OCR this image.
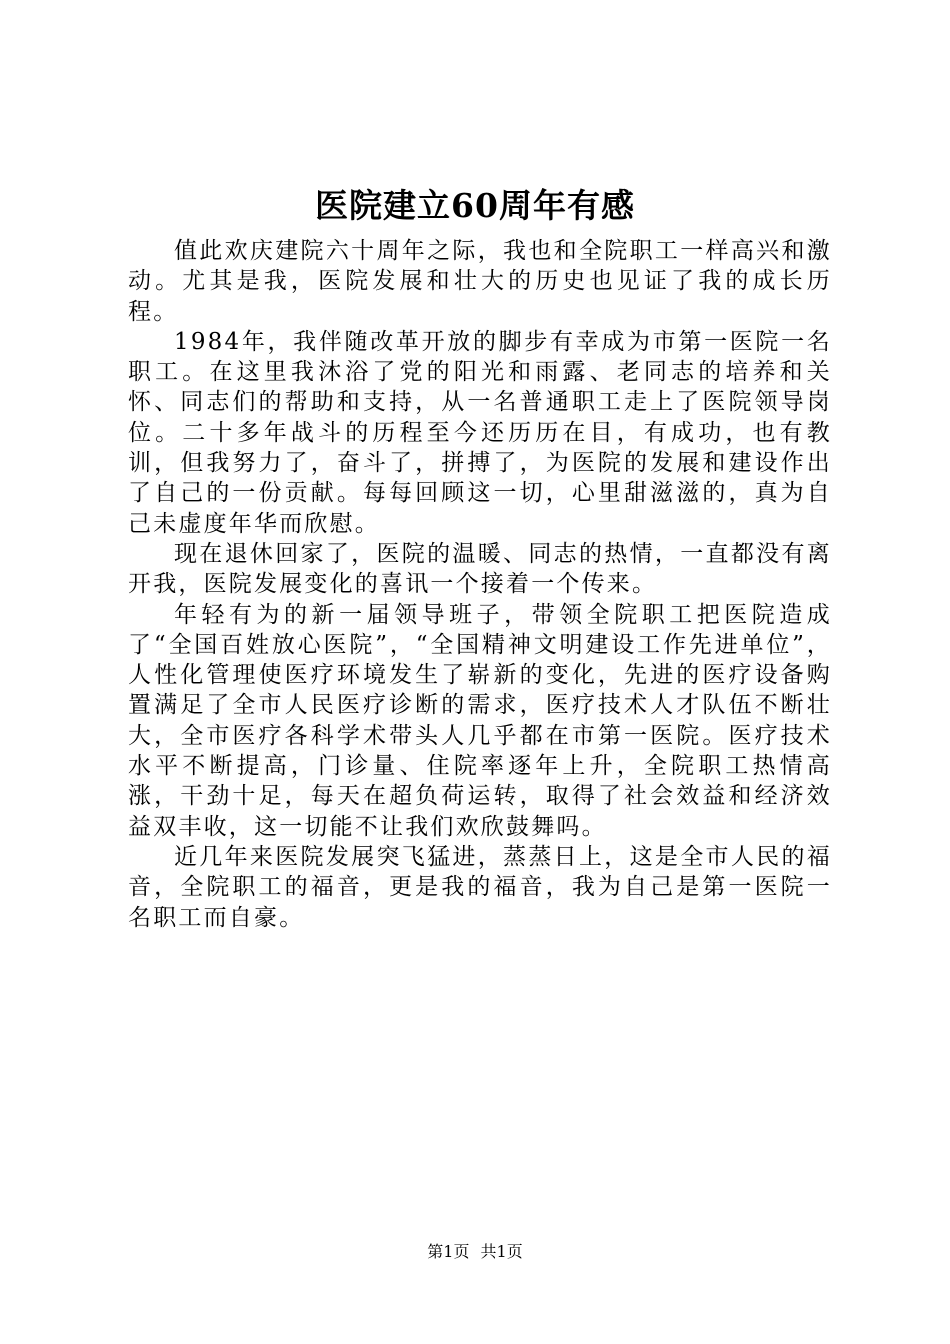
医院建立60周年有感

值此欢庆建院六十周年之际，我也和全院职工一样高兴和激动。尤其是我，医院发展和壮大的历史也见证了我的成长历程。

1984年，我伴随改革开放的脚步有幸成为市第一医院一名职工。在这里我沐浴了党的阳光和雨露、老同志的培养和关怀、同志们的帮助和支持，从一名普通职工走上了医院领导岗位。二十多年战斗的历程至今还历历在目，有成功，也有教训，但我努力了，奋斗了，拼搏了，为医院的发展和建设作出了自己的一份贡献。每每回顾这一切，心里甜滋滋的，真为自己未虚度年华而欣慰。

现在退休回家了，医院的温暖、同志的热情，一直都没有离开我，医院发展变化的喜讯一个接着一个传来。

年轻有为的新一届领导班子，带领全院职工把医院造成了“全国百姓放心医院”，“全国精神文明建设工作先进单位”，人性化管理使医疗环境发生了崭新的变化，先进的医疗设备购置满足了全市人民医疗诊断的需求，医疗技术人才队伍不断壮大，全市医疗各科学术带头人几乎都在市第一医院。医疗技术水平不断提高，门诊量、住院率逐年上升，全院职工热情高涨，干劲十足，每天在超负荷运转，取得了社会效益和经济效益双丰收，这一切能不让我们欢欣鼓舞吗。

近几年来医院发展突飞猛进，蒸蒸日上，这是全市人民的福音，全院职工的福音，更是我的福音，我为自己是第一医院一名职工而自豪。

第1页 共1页
